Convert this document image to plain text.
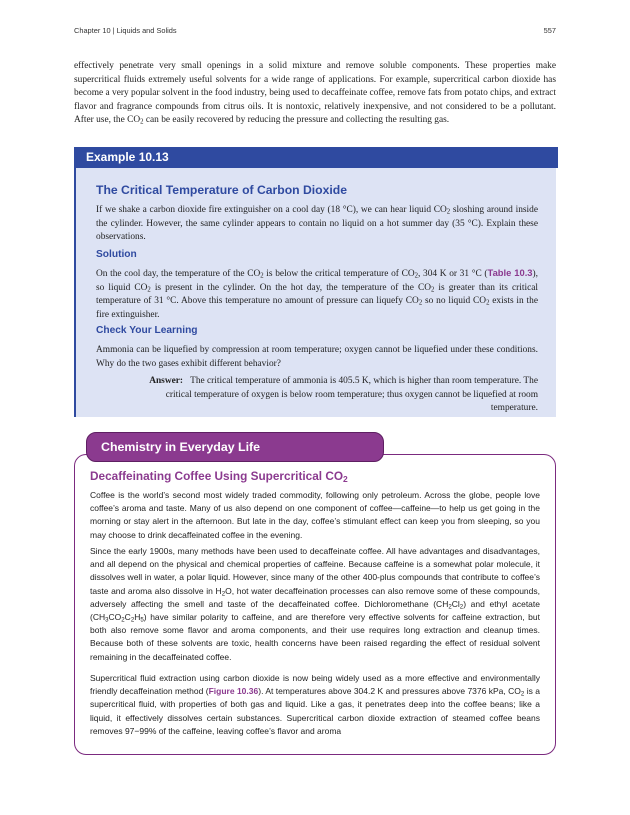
Chapter 10 | Liquids and Solids	557

effectively penetrate very small openings in a solid mixture and remove soluble components. These properties make supercritical fluids extremely useful solvents for a wide range of applications. For example, supercritical carbon dioxide has become a very popular solvent in the food industry, being used to decaffeinate coffee, remove fats from potato chips, and extract flavor and fragrance compounds from citrus oils. It is nontoxic, relatively inexpensive, and not considered to be a pollutant. After use, the $CO_2$ can be easily recovered by reducing the pressure and collecting the resulting gas.

Example 10.13
The Critical Temperature of Carbon Dioxide

If we shake a carbon dioxide fire extinguisher on a cool day (18 °C), we can hear liquid $CO_2$ sloshing around inside the cylinder. However, the same cylinder appears to contain no liquid on a hot summer day (35 °C). Explain these observations.

Solution

On the cool day, the temperature of the $CO_2$ is below the critical temperature of $CO_2$, 304 K or 31 °C (Table 10.3), so liquid $CO_2$ is present in the cylinder. On the hot day, the temperature of the $CO_2$ is greater than its critical temperature of 31 °C. Above this temperature no amount of pressure can liquefy $CO_2$ so no liquid $CO_2$ exists in the fire extinguisher.

Check Your Learning

Ammonia can be liquefied by compression at room temperature; oxygen cannot be liquefied under these conditions. Why do the two gases exhibit different behavior?

Answer: The critical temperature of ammonia is 405.5 K, which is higher than room temperature. The critical temperature of oxygen is below room temperature; thus oxygen cannot be liquefied at room temperature.

Chemistry in Everyday Life
Decaffeinating Coffee Using Supercritical $CO_2$

Coffee is the world’s second most widely traded commodity, following only petroleum. Across the globe, people love coffee’s aroma and taste. Many of us also depend on one component of coffee—caffeine—to help us get going in the morning or stay alert in the afternoon. But late in the day, coffee’s stimulant effect can keep you from sleeping, so you may choose to drink decaffeinated coffee in the evening.

Since the early 1900s, many methods have been used to decaffeinate coffee. All have advantages and disadvantages, and all depend on the physical and chemical properties of caffeine. Because caffeine is a somewhat polar molecule, it dissolves well in water, a polar liquid. However, since many of the other 400-plus compounds that contribute to coffee’s taste and aroma also dissolve in $H_2O$, hot water decaffeination processes can also remove some of these compounds, adversely affecting the smell and taste of the decaffeinated coffee. Dichloromethane $(CH_2Cl_2)$ and ethyl acetate $(CH_3CO_2C_2H_5)$ have similar polarity to caffeine, and are therefore very effective solvents for caffeine extraction, but both also remove some flavor and aroma components, and their use requires long extraction and cleanup times. Because both of these solvents are toxic, health concerns have been raised regarding the effect of residual solvent remaining in the decaffeinated coffee.

Supercritical fluid extraction using carbon dioxide is now being widely used as a more effective and environmentally friendly decaffeination method (Figure 10.36). At temperatures above 304.2 K and pressures above 7376 kPa, $CO_2$ is a supercritical fluid, with properties of both gas and liquid. Like a gas, it penetrates deep into the coffee beans; like a liquid, it effectively dissolves certain substances. Supercritical carbon dioxide extraction of steamed coffee beans removes 97−99% of the caffeine, leaving coffee’s flavor and aroma
